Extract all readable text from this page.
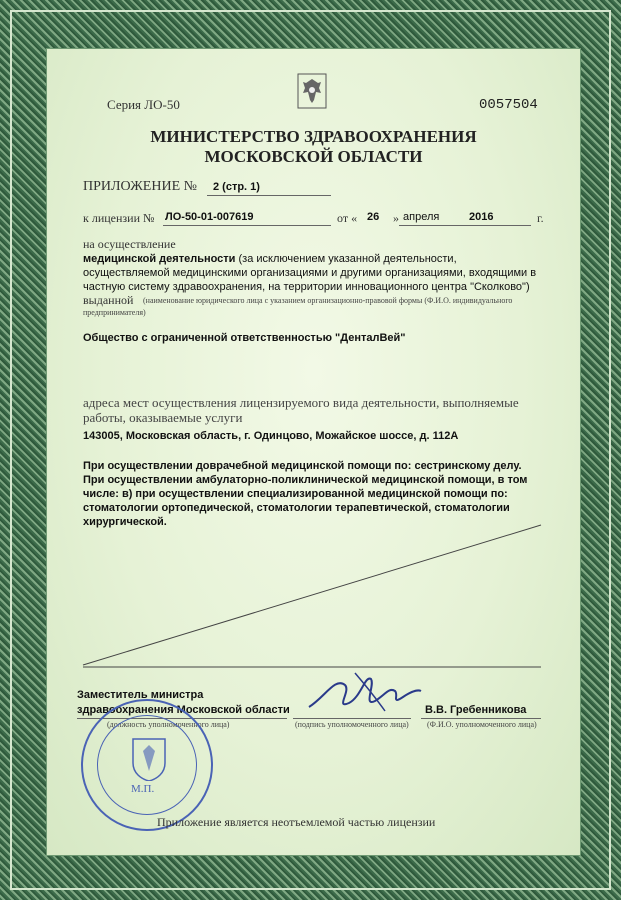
Серия ЛО-50	0057504
МИНИСТЕРСТВО ЗДРАВООХРАНЕНИЯ
МОСКОВСКОЙ ОБЛАСТИ
ПРИЛОЖЕНИЕ № 2 (стр. 1)
к лицензии № ЛО-50-01-007619	от « 26 » апреля	2016	г.
на осуществление
медицинской деятельности (за исключением указанной деятельности,
осуществляемой медицинскими организациями и другими организациями, входящими в
частную систему здравоохранения, на территории инновационного центра "Сколково")
выданной (наименование юридического лица с указанием организационно-правовой формы (Ф.И.О. индивидуального
предпринимателя)
Общество с ограниченной ответственностью "ДенталВей"
адреса мест осуществления лицензируемого вида деятельности, выполняемые
работы, оказываемые услуги
143005, Московская область, г. Одинцово, Можайское шоссе, д. 112А
При осуществлении доврачебной медицинской помощи по: сестринскому делу.
При осуществлении амбулаторно-поликлинической медицинской помощи, в том
числе: в) при осуществлении специализированной медицинской помощи по:
стоматологии ортопедической, стоматологии терапевтической, стоматологии
хирургической.
Заместитель министра
здравоохранения Московской области
(должность уполномоченного лица)	(подпись уполномоченного лица)
В.В. Гребенникова
(Ф.И.О. уполномоченного лица)
М.П.
Приложение является неотъемлемой частью лицензии
